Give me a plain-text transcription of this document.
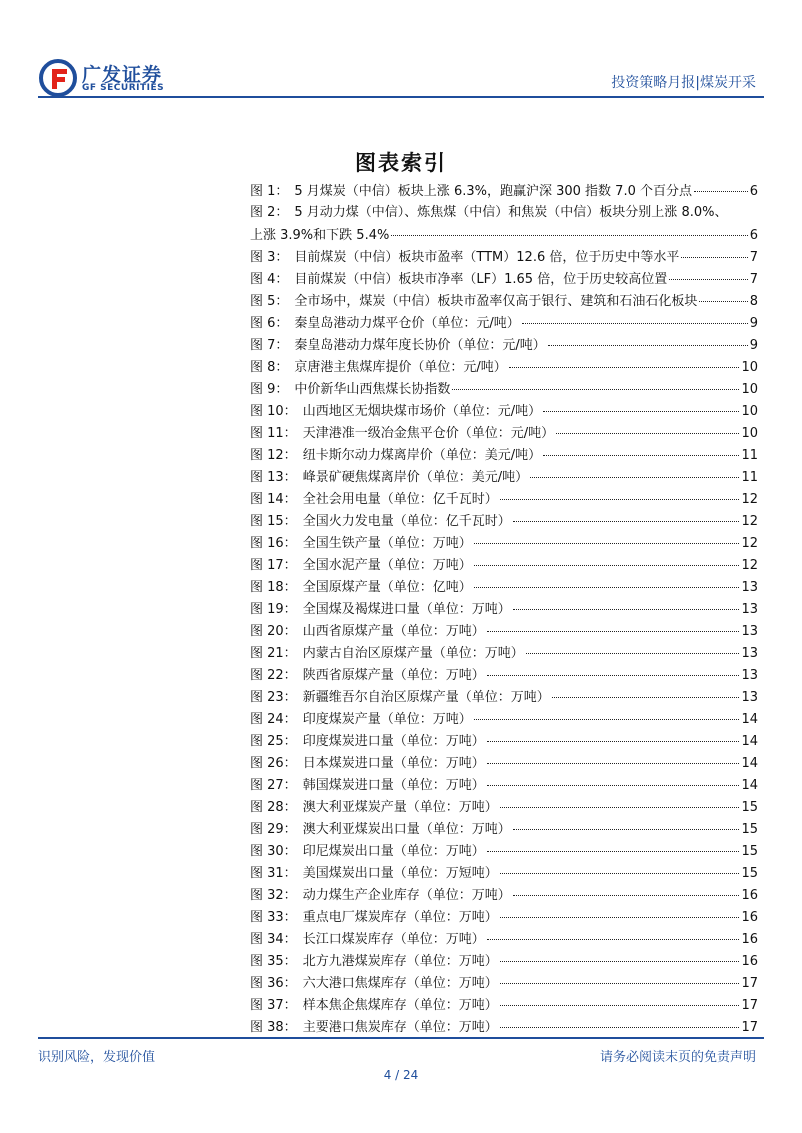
广发证券
GF SECURITIES	投资策略月报|煤炭开采
图表索引
图 1： 5 月煤炭（中信）板块上涨 6.3%，跑赢沪深 300 指数 7.0 个百分点	6
图 2： 5 月动力煤（中信）、炼焦煤（中信）和焦炭（中信）板块分别上涨 8.0%、
上涨 3.9%和下跌 5.4%	6
图 3： 目前煤炭（中信）板块市盈率（TTM）12.6 倍，位于历史中等水平	7
图 4： 目前煤炭（中信）板块市净率（LF）1.65 倍，位于历史较高位置	7
图 5： 全市场中，煤炭（中信）板块市盈率仅高于银行、建筑和石油石化板块	8
图 6： 秦皇岛港动力煤平仓价（单位：元/吨）	9
图 7： 秦皇岛港动力煤年度长协价（单位：元/吨）	9
图 8： 京唐港主焦煤库提价（单位：元/吨）	10
图 9： 中价新华山西焦煤长协指数	10
图 10： 山西地区无烟块煤市场价（单位：元/吨）	10
图 11： 天津港准一级冶金焦平仓价（单位：元/吨）	10
图 12： 纽卡斯尔动力煤离岸价（单位：美元/吨）	11
图 13： 峰景矿硬焦煤离岸价（单位：美元/吨）	11
图 14： 全社会用电量（单位：亿千瓦时）	12
图 15： 全国火力发电量（单位：亿千瓦时）	12
图 16： 全国生铁产量（单位：万吨）	12
图 17： 全国水泥产量（单位：万吨）	12
图 18： 全国原煤产量（单位：亿吨）	13
图 19： 全国煤及褐煤进口量（单位：万吨）	13
图 20： 山西省原煤产量（单位：万吨）	13
图 21： 内蒙古自治区原煤产量（单位：万吨）	13
图 22： 陕西省原煤产量（单位：万吨）	13
图 23： 新疆维吾尔自治区原煤产量（单位：万吨）	13
图 24： 印度煤炭产量（单位：万吨）	14
图 25： 印度煤炭进口量（单位：万吨）	14
图 26： 日本煤炭进口量（单位：万吨）	14
图 27： 韩国煤炭进口量（单位：万吨）	14
图 28： 澳大利亚煤炭产量（单位：万吨）	15
图 29： 澳大利亚煤炭出口量（单位：万吨）	15
图 30： 印尼煤炭出口量（单位：万吨）	15
图 31： 美国煤炭出口量（单位：万短吨）	15
图 32： 动力煤生产企业库存（单位：万吨）	16
图 33： 重点电厂煤炭库存（单位：万吨）	16
图 34： 长江口煤炭库存（单位：万吨）	16
图 35： 北方九港煤炭库存（单位：万吨）	16
图 36： 六大港口焦煤库存（单位：万吨）	17
图 37： 样本焦企焦煤库存（单位：万吨）	17
图 38： 主要港口焦炭库存（单位：万吨）	17
识别风险，发现价值	请务必阅读末页的免责声明
4 / 24
